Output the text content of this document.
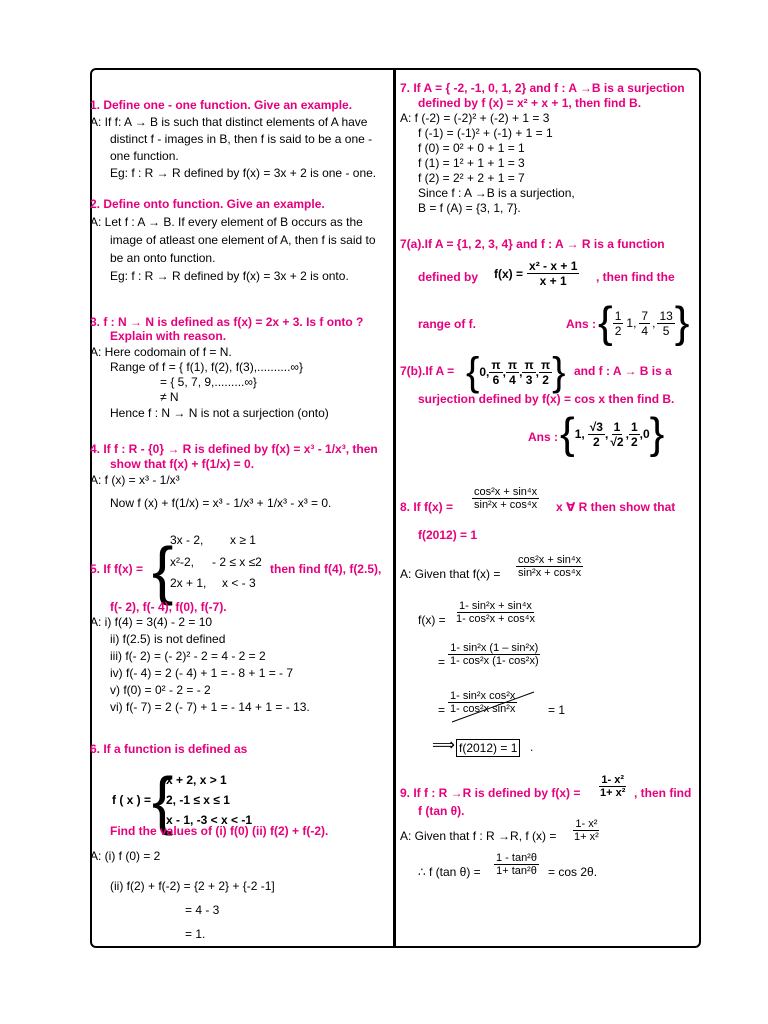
1. Define one - one function. Give an example.
A: If f: A → B is such that distinct elements of A have
distinct f - images in B, then f is said to be a one -
one function.
Eg: f : R → R defined by f(x) = 3x + 2 is one - one.
2. Define onto function. Give an example.
A: Let f : A → B. If every element of B occurs as the
image of atleast one element of A, then f is said to
be an onto function.
Eg: f : R → R defined by f(x) = 3x + 2 is onto.
3. f : N → N is defined as f(x) = 2x + 3. Is f onto ?
Explain with reason.
A: Here codomain of f = N.
Range of f = { f(1), f(2), f(3),..........∞}
= { 5, 7, 9,.........∞}
≠ N
Hence f : N → N is not a surjection (onto)
4. If f : R - {0} → R is defined by f(x) = x³ - 1/x³, then
show that f(x) + f(1/x) = 0.
A: f (x) = x³ - 1/x³
Now f (x) + f(1/x) = x³ - 1/x³ + 1/x³ - x³ = 0.
5. If f(x) = {
3x - 2, x ≥ 1
x²-2, - 2 ≤ x ≤2
2x + 1, x < - 3
then find f(4), f(2.5),
f(- 2), f(- 4), f(0), f(-7).
A: i) f(4) = 3(4) - 2 = 10
ii) f(2.5) is not defined
iii) f(- 2) = (- 2)² - 2 = 4 - 2 = 2
iv) f(- 4) = 2 (- 4) + 1 = - 8 + 1 = - 7
v) f(0) = 0² - 2 = - 2
vi) f(- 7) = 2 (- 7) + 1 = - 14 + 1 = - 13.
6. If a function is defined as
f ( x ) = {
x + 2, x > 1
2, -1 ≤ x ≤ 1
x - 1, -3 < x < -1
Find the values of (i) f(0) (ii) f(2) + f(-2).
A: (i) f (0) = 2
(ii) f(2) + f(-2) = {2 + 2} + {-2 -1]
= 4 - 3
= 1.
7. If A = { -2, -1, 0, 1, 2} and f : A →B is a surjection
defined by f (x) = x² + x + 1, then find B.
A: f (-2) = (-2)² + (-2) + 1 = 3
f (-1) = (-1)² + (-1) + 1 = 1
f (0) = 0² + 0 + 1 = 1
f (1) = 1² + 1 + 1 = 3
f (2) = 2² + 2 + 1 = 7
Since f : A →B is a surjection,
B = f (A) = {3, 1, 7}.
7(a).If A = {1, 2, 3, 4} and f : A → R is a function
defined by $f(x) = \frac{\text{x² - x + 1}}{x + 1}$ , then find the
range of f.	Ans : { $\frac{1}{2} 1$, $\frac{7}{4}$ , $\frac{13}{5}$ }
7(b).If A = { 0, $\frac{\pi}{6}$ , $\frac{\pi}{4}$ , $\frac{\pi}{3}$ , $\frac{\pi}{2}$ } and f : A → B is a
surjection defined by f(x) = cos x then find B.
Ans : { 1, $\frac{√3}{2}$ , $\frac{1}{√2}$ , $\frac{1}{2}$ , 0 }
8. If $f(x) = \frac{\text{cos²x + sin⁴x}}{\text{sin²x + cos⁴x}}$ x ∀ R then show that
f(2012) = 1
A: Given that $f(x) = \frac{\text{cos²x + sin⁴x}}{\text{sin²x + cos⁴x}}$
$f(x) = \frac{\text{1- sin²x + sin⁴x}}{\text{1- cos²x + cos⁴x}}$
= $\frac{\text{1- sin²x (1 – sin²x)}}{\text{1- cos²x (1- cos²x)}}$
= $\frac{\text{1- sin²x cos²x}}{\text{1- cos²x sin²x}}$	= 1
⟹ f(2012) = 1 .
9. If f : R →R is defined by $f(x) = \frac{\text{1- x²}}{\text{1+ x²}}$ , then find
f (tan θ).
A: Given that f : R →R, f $(x) = \frac{\text{1- x²}}{\text{1+ x²}}$
∴ f (tan $\theta) = \frac{\text{1 - tan²θ}}{\text{1+ tan²θ}} = \cos 2\theta$.
